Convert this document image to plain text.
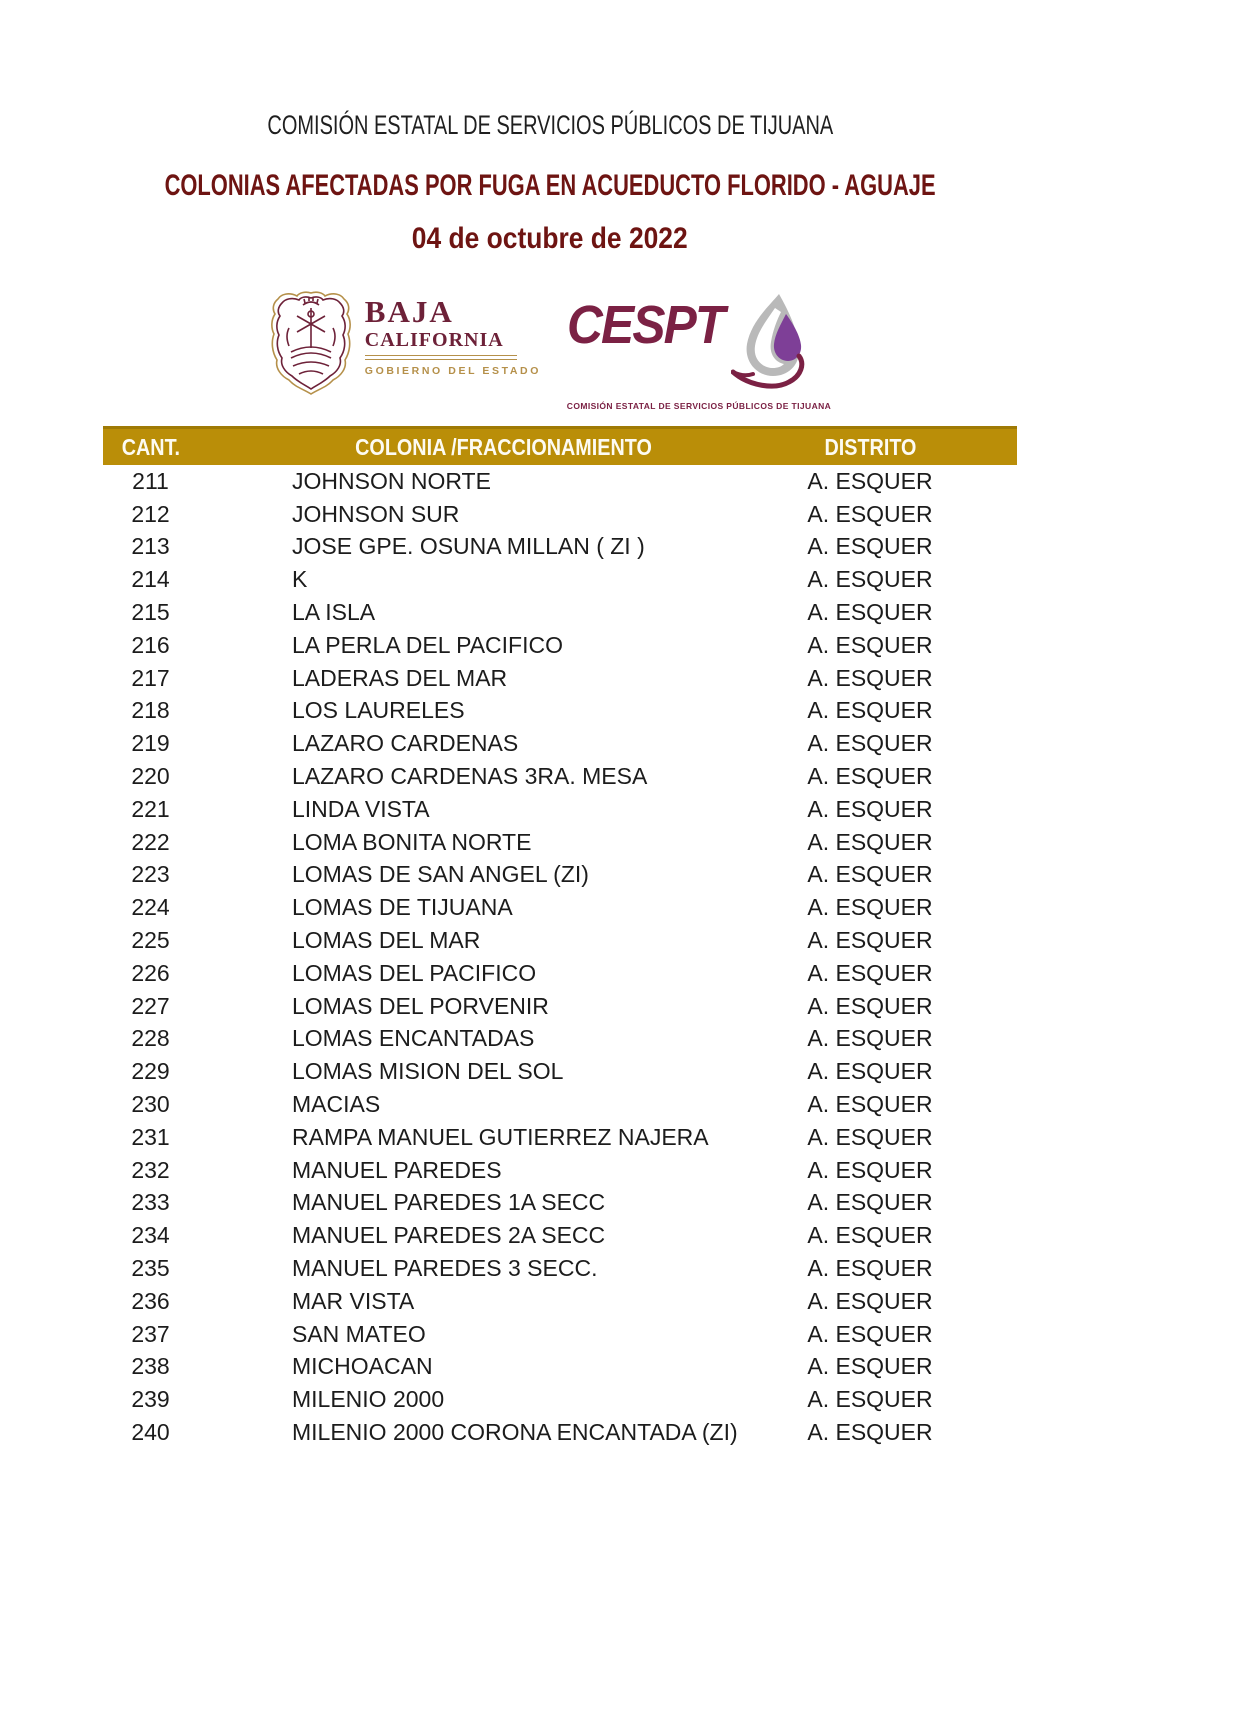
COMISIÓN ESTATAL DE SERVICIOS PÚBLICOS DE TIJUANA
COLONIAS AFECTADAS POR FUGA EN ACUEDUCTO FLORIDO - AGUAJE
04 de octubre de 2022
BAJA
CALIFORNIA
GOBIERNO DEL ESTADO
CESPT
COMISIÓN ESTATAL DE SERVICIOS PÚBLICOS DE TIJUANA
CANT.	COLONIA /FRACCIONAMIENTO	DISTRITO
211	JOHNSON NORTE	A. ESQUER
212	JOHNSON SUR	A. ESQUER
213	JOSE GPE. OSUNA MILLAN ( ZI )	A. ESQUER
214	K	A. ESQUER
215	LA ISLA	A. ESQUER
216	LA PERLA DEL PACIFICO	A. ESQUER
217	LADERAS DEL MAR	A. ESQUER
218	LOS LAURELES	A. ESQUER
219	LAZARO CARDENAS	A. ESQUER
220	LAZARO CARDENAS 3RA. MESA	A. ESQUER
221	LINDA VISTA	A. ESQUER
222	LOMA BONITA NORTE	A. ESQUER
223	LOMAS DE SAN ANGEL (ZI)	A. ESQUER
224	LOMAS DE TIJUANA	A. ESQUER
225	LOMAS DEL MAR	A. ESQUER
226	LOMAS DEL PACIFICO	A. ESQUER
227	LOMAS DEL PORVENIR	A. ESQUER
228	LOMAS ENCANTADAS	A. ESQUER
229	LOMAS MISION DEL SOL	A. ESQUER
230	MACIAS	A. ESQUER
231	RAMPA MANUEL GUTIERREZ NAJERA	A. ESQUER
232	MANUEL PAREDES	A. ESQUER
233	MANUEL PAREDES 1A SECC	A. ESQUER
234	MANUEL PAREDES 2A SECC	A. ESQUER
235	MANUEL PAREDES 3 SECC.	A. ESQUER
236	MAR VISTA	A. ESQUER
237	SAN MATEO	A. ESQUER
238	MICHOACAN	A. ESQUER
239	MILENIO 2000	A. ESQUER
240	MILENIO 2000 CORONA ENCANTADA (ZI)	A. ESQUER
